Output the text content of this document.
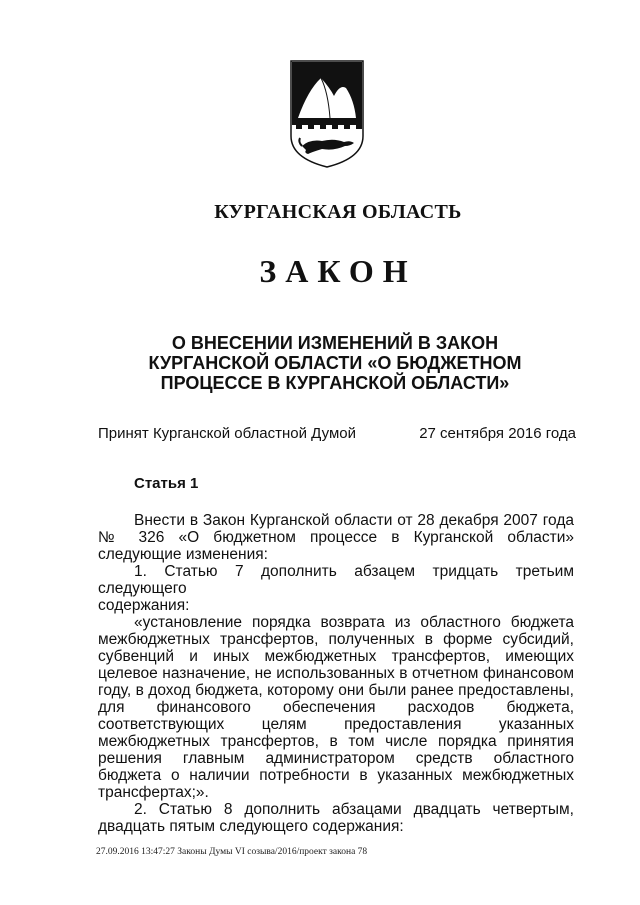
КУРГАНСКАЯ ОБЛАСТЬ
ЗАКОН
О ВНЕСЕНИИ ИЗМЕНЕНИЙ В ЗАКОН КУРГАНСКОЙ ОБЛАСТИ «О БЮДЖЕТНОМ ПРОЦЕССЕ В КУРГАНСКОЙ ОБЛАСТИ»
Принят Курганской областной Думой	27 сентября 2016 года
Статья 1

Внести в Закон Курганской области от 28 декабря 2007 года

№ 326 «О бюджетном процессе в Курганской области» следующие изменения:

1. Статью 7 дополнить абзацем тридцать третьим следующего

содержания:

«установление порядка возврата из областного бюджета межбюджетных трансфертов, полученных в форме субсидий, субвенций и иных межбюджетных трансфертов, имеющих целевое назначение, не использованных в отчетном финансовом году, в доход бюджета, которому они были ранее предоставлены, для финансового обеспечения расходов бюджета, соответствующих целям предоставления указанных межбюджетных трансфертов, в том числе порядка принятия решения главным администратором средств областного бюджета о наличии потребности в указанных межбюджетных трансфертах;».

2. Статью 8 дополнить абзацами двадцать четвертым,

двадцать пятым следующего содержания:

27.09.2016 13:47:27 Законы Думы VI созыва/2016/проект закона 78
